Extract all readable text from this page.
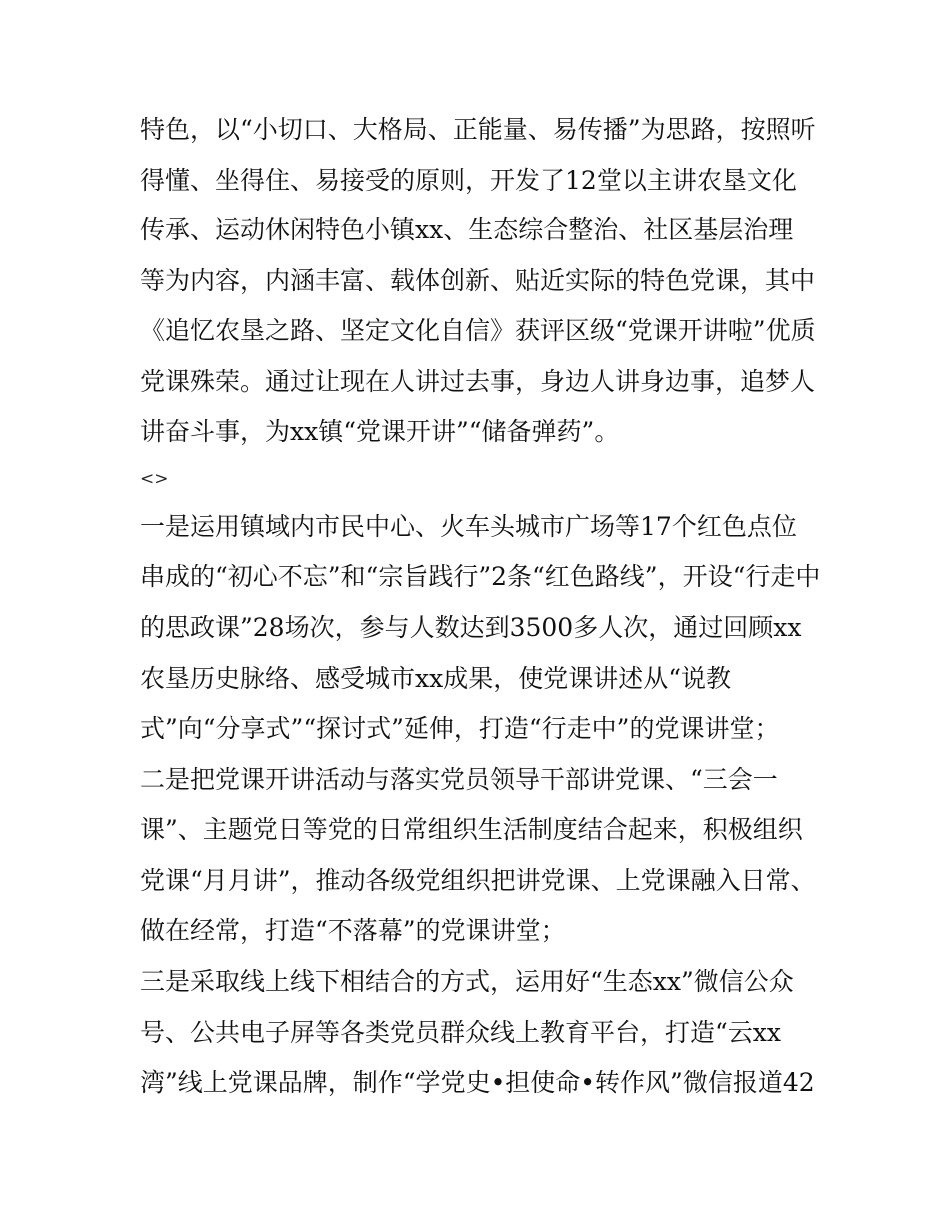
特色，以“小切口、大格局、正能量、易传播”为思路，按照听

得懂、坐得住、易接受的原则，开发了12堂以主讲农垦文化

传承、运动休闲特色小镇xx、生态综合整治、社区基层治理

等为内容，内涵丰富、载体创新、贴近实际的特色党课，其中

《追忆农垦之路、坚定文化自信》获评区级“党课开讲啦”优质

党课殊荣。通过让现在人讲过去事，身边人讲身边事，追梦人

讲奋斗事，为xx镇“党课开讲”“储备弹药”。

<>

一是运用镇域内市民中心、火车头城市广场等17个红色点位

串成的“初心不忘”和“宗旨践行”2条“红色路线”，开设“行走中

的思政课”28场次，参与人数达到3500多人次，通过回顾xx

农垦历史脉络、感受城市xx成果，使党课讲述从“说教

式”向“分享式”“探讨式”延伸，打造“行走中”的党课讲堂；

二是把党课开讲活动与落实党员领导干部讲党课、“三会一

课”、主题党日等党的日常组织生活制度结合起来，积极组织

党课“月月讲”，推动各级党组织把讲党课、上党课融入日常、

做在经常，打造“不落幕”的党课讲堂；

三是采取线上线下相结合的方式，运用好“生态xx”微信公众

号、公共电子屏等各类党员群众线上教育平台，打造“云xx

湾”线上党课品牌，制作“学党史•担使命•转作风”微信报道42
